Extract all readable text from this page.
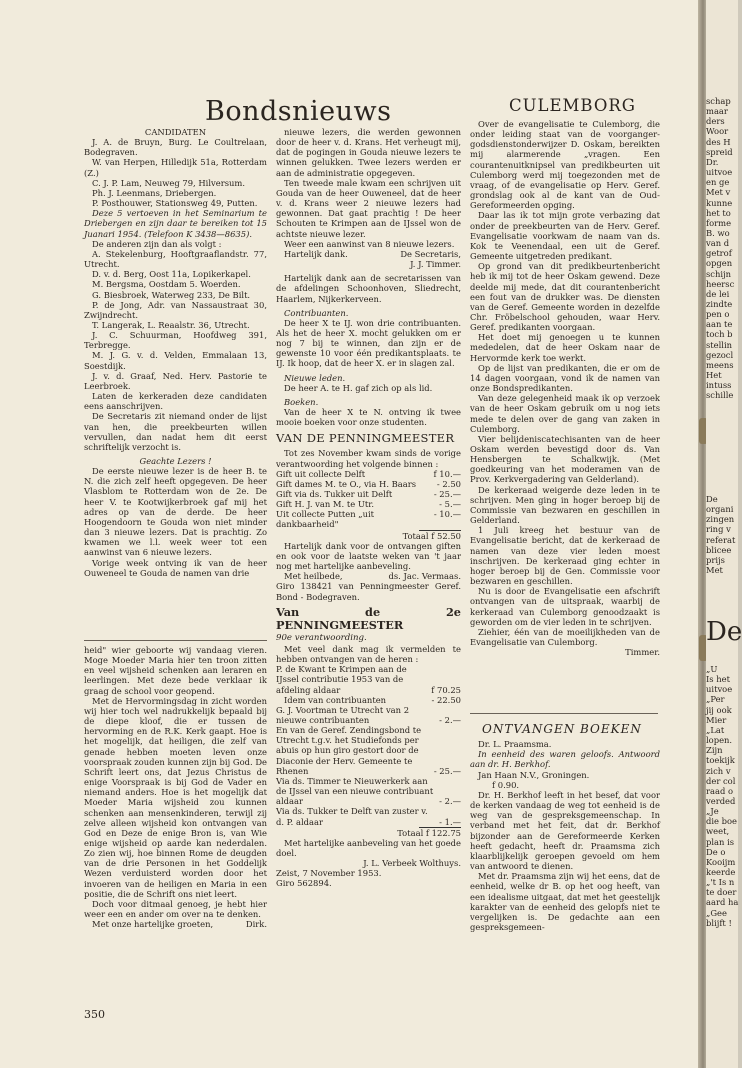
Bondsnieuws	CULEMBORG

CANDIDATEN

J. A. de Bruyn, Burg. Le Coultrelaan, Bodegraven.

W. van Herpen, Hilledijk 51a, Rotterdam (Z.)

C. J. P. Lam, Neuweg 79, Hilversum.

Ph. J. Leenmans, Driebergen.

P. Posthouwer, Stationsweg 49, Putten.

Deze 5 vertoeven in het Seminarium te Driebergen en zijn daar te bereiken tot 15 Juanari 1954. (Telefoon K 3438—8635).

De anderen zijn dan als volgt :

A. Stekelenburg, Hooftgraaflandstr. 77, Utrecht.

D. v. d. Berg, Oost 11a, Lopikerkapel.

M. Bergsma, Oostdam 5. Woerden.

G. Biesbroek, Waterweg 233, De Bilt.

P. de Jong, Adr. van Nassaustraat 30, Zwijndrecht.

T. Langerak, L. Reaalstr. 36, Utrecht.

J. C. Schuurman, Hoofdweg 391, Terbregge.

M. J. G. v. d. Velden, Emmalaan 13, Soestdijk.

J. v. d. Graaf, Ned. Herv. Pastorie te Leerbroek.

Laten de kerkeraden deze candidaten eens aanschrijven.

De Secretaris zit niemand onder de lijst van hen, die preekbeurten willen vervullen, dan nadat hem dit eerst schriftelijk verzocht is.

Geachte Lezers !

De eerste nieuwe lezer is de heer B. te N. die zich zelf heeft opgegeven. De heer Vlasblom te Rotterdam won de 2e. De heer V. te Kootwijkerbroek gaf mij het adres op van de derde. De heer Hoogendoorn te Gouda won niet minder dan 3 nieuwe lezers. Dat is prachtig. Zo kwamen we l.l. week weer tot een aanwinst van 6 nieuwe lezers.

Vorige week ontving ik van de heer Ouweneel te Gouda de namen van drie

nieuwe lezers, die werden gewonnen door de heer v. d. Krans. Het verheugt mij, dat de pogingen in Gouda nieuwe lezers te winnen gelukken. Twee lezers werden er aan de administratie opgegeven.

Ten tweede male kwam een schrijven uit Gouda van de heer Ouweneel, dat de heer v. d. Krans weer 2 nieuwe lezers had gewonnen. Dat gaat prachtig ! De heer Schouten te Krimpen aan de IJssel won de achtste nieuwe lezer.

Weer een aanwinst van 8 nieuwe lezers.

Hartelijk dank.	De Secretaris,

J. J. Timmer.

Hartelijk dank aan de secretarissen van de afdelingen Schoonhoven, Sliedrecht, Haarlem, Nijkerkerveen.

Contribuanten.

De heer X te IJ. won drie contribuanten. Als het de heer X. mocht gelukken om er nog 7 bij te winnen, dan zijn er de gewenste 10 voor één predikantsplaats. te IJ. Ik hoop, dat de heer X. er in slagen zal.

Nieuwe leden.

De heer A. te H. gaf zich op als lid.

Boeken.

Van de heer X te N. ontving ik twee mooie boeken voor onze studenten.

VAN DE PENNINGMEESTER

Tot zes November kwam sinds de vorige verantwoording het volgende binnen :

Gift uit collecte Delft	f 10.—
Gift dames M. te O., via H. Baars	- 2.50
Gift via ds. Tukker uit Delft	- 25.—
Gift H. J. van M. te Utr.	- 5.—
Uit collecte Putten „uit dankbaarheid"
- 10.—

Totaal f 52.50

Hartelijk dank voor de ontvangen giften en ook voor de laatste weken van 't jaar nog met hartelijke aanbeveling.

Met heilbede,	ds. Jac. Vermaas.

Giro 138421 van Penningmeester Geref. Bond - Bodegraven.

Van de 2e PENNINGMEESTER

90e verantwoording.

Met veel dank mag ik vermelden te hebben ontvangen van de heren :

P. de Kwant te Krimpen aan de IJssel contributie 1953 van de afdeling aldaar	f 70.25
Idem van contribuanten	- 22.50
G. J. Voortman te Utrecht van 2 nieuwe contribuanten	- 2.—
En van de Geref. Zendingsbond te Utrecht t.g.v. het Studiefonds per abuis op hun giro gestort door de Diaconie der Herv. Gemeente te Rhenen	- 25.—
Via ds. Timmer te Nieuwerkerk aan de IJssel van een nieuwe contribuant aldaar	- 2.—
Via ds. Tukker te Delft van zuster v. d. P. aldaar	- 1.—

Totaal f 122.75

Met hartelijke aanbeveling van het goede doel.

J. L. Verbeek Wolthuys.

Zeist, 7 November 1953.

Giro 562894.

Over de evangelisatie te Culemborg, die onder leiding staat van de voorganger-godsdienstonderwijzer D. Oskam, bereikten mij alarmerende „vragen. Een courantenuitknipsel van predikbeurten uit Culemborg werd mij toegezonden met de vraag, of de evangelisatie op Herv. Geref. grondslag ook al de kant van de Oud-Gereformeerden opging.

Daar las ik tot mijn grote verbazing dat onder de preekbeurten van de Herv. Geref. Evangelisatie voorkwam de naam van ds. Kok te Veenendaal, een uit de Geref. Gemeente uitgetreden predikant.

Op grond van dit predikbeurtenbericht heb ik mij tot de heer Oskam gewend. Deze deelde mij mede, dat dit courantenbericht een fout van de drukker was. De diensten van de Geref. Gemeente worden in dezelfde Chr. Fröbelschool gehouden, waar Herv. Geref. predikanten voorgaan.

Het doet mij genoegen u te kunnen mededelen, dat de heer Oskam naar de Hervormde kerk toe werkt.

Op de lijst van predikanten, die er om de 14 dagen voorgaan, vond ik de namen van onze Bondspredikanten.

Van deze gelegenheid maak ik op verzoek van de heer Oskam gebruik om u nog iets mede te delen over de gang van zaken in Culemborg.

Vier belijdeniscatechisanten van de heer Oskam werden bevestigd door ds. Van Hensbergen te Schalkwijk. (Met goedkeuring van het moderamen van de Prov. Kerkvergadering van Gelderland).

De kerkeraad weigerde deze leden in te schrijven. Men ging in hoger beroep bij de Commissie van bezwaren en geschillen in Gelderland.

1 Juli kreeg het bestuur van de Evangelisatie bericht, dat de kerkeraad de namen van deze vier leden moest inschrijven. De kerkeraad ging echter in hoger beroep bij de Gen. Commissie voor bezwaren en geschillen.

Nu is door de Evangelisatie een afschrift ontvangen van de uitspraak, waarbij de kerkeraad van Culemborg genoodzaakt is geworden om de vier leden in te schrijven.

Ziehier, één van de moeilijkheden van de Evangelisatie van Culemborg.

Timmer.

ONTVANGEN BOEKEN

Dr. L. Praamsma.

In eenheid des waren geloofs. Antwoord aan dr. H. Berkhof.

Jan Haan N.V., Groningen.

f 0.90.

Dr. H. Berkhof leeft in het besef, dat voor de kerken vandaag de weg tot eenheid is de weg van de gespreksgemeenschap. In verband met het feit, dat dr. Berkhof bijzonder aan de Gereformeerde Kerken heeft gedacht, heeft dr. Praamsma zich klaarblijkelijk geroepen gevoeld om hem van antwoord te dienen.

Met dr. Praamsma zijn wij het eens, dat de eenheid, welke dr B. op het oog heeft, van een idealisme uitgaat, dat met het geestelijk karakter van de eenheid des gelopfs niet te vergelijken is. De gedachte aan een gespreksgemeen-

heid" wier geboorte wij vandaag vieren. Moge Moeder Maria hier ten troon zitten en veel wijsheid schenken aan leraren en leerlingen. Met deze bede verklaar ik graag de school voor geopend.

Met de Hervormingsdag in zicht worden wij hier toch wel nadrukkelijk bepaald bij de diepe kloof, die er tussen de hervorming en de R.K. Kerk gaapt. Hoe is het mogelijk, dat heiligen, die zelf van genade hebben moeten leven onze voorspraak zouden kunnen zijn bij God. De Schrift leert ons, dat Jezus Christus de enige Voorspraak is bij God de Vader en niemand anders. Hoe is het mogelijk dat Moeder Maria wijsheid zou kunnen schenken aan mensenkinderen, terwijl zij zelve alleen wijsheid kon ontvangen van God en Deze de enige Bron is, van Wie enige wijsheid op aarde kan nederdalen. Zo zien wij, hoe binnen Rome de deugden van de drie Personen in het Goddelijk Wezen verduisterd worden door het invoeren van de heiligen en Maria in een positie, die de Schrift ons niet leert.

Doch voor ditmaal genoeg, je hebt hier weer een en ander om over na te denken.

Met onze hartelijke groeten,	Dirk.
350
schap
maar
ders
Woor
des H
spreid
Dr.
uitvoe
en ge
Met v
kunne
het to
forme
B. wo
van d
getrof
opgen
schijn
heersc
de lei
zindte
pen o
aan te
toch b
stellin
gezocl
meens
Het
intuss
schille
De
organi
zingen
ring v
referat
blicee
prijs
Met
De
„U
Is het
uitvoe
„Per
jij ook
Mier
„Lat
lopen.
Zijn
toekijk
zich v
der col
raad o
verded
„Je
die boe
weet,
plan is
De o
Kooijm
keerde
„'t Is n
te doer
aard ha
„Gee
blijft !
